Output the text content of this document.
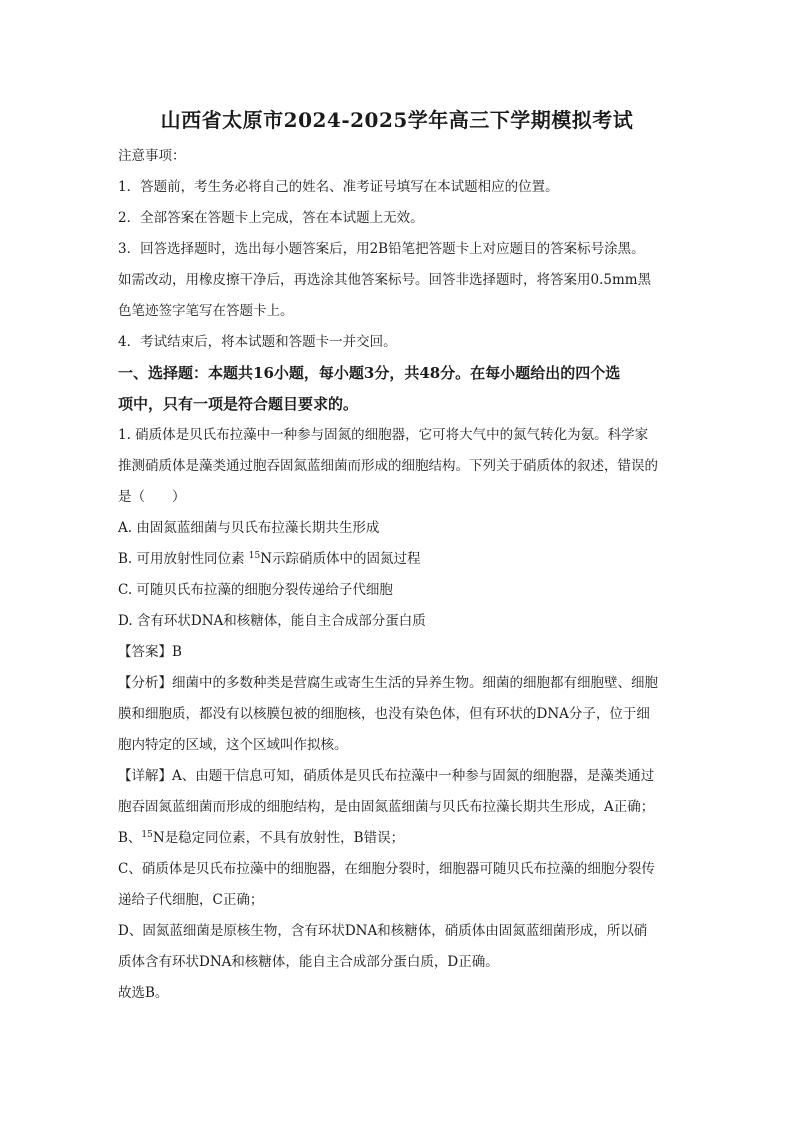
山西省太原市2024-2025学年高三下学期模拟考试
注意事项：
1．答题前，考生务必将自己的姓名、准考证号填写在本试题相应的位置。
2．全部答案在答题卡上完成，答在本试题上无效。
3．回答选择题时，选出每小题答案后，用2B铅笔把答题卡上对应题目的答案标号涂黑。
如需改动，用橡皮擦干净后，再选涂其他答案标号。回答非选择题时，将答案用0.5mm黑
色笔迹签字笔写在答题卡上。
4．考试结束后，将本试题和答题卡一并交回。
一、选择题：本题共16小题，每小题3分，共48分。在每小题给出的四个选
项中，只有一项是符合题目要求的。
1. 硝质体是贝氏布拉藻中一种参与固氮的细胞器，它可将大气中的氮气转化为氨。科学家
推测硝质体是藻类通过胞吞固氮蓝细菌而形成的细胞结构。下列关于硝质体的叙述，错误的
是（　　）
A. 由固氮蓝细菌与贝氏布拉藻长期共生形成
B. 可用放射性同位素 $^{15}$N示踪硝质体中的固氮过程
C. 可随贝氏布拉藻的细胞分裂传递给子代细胞
D. 含有环状DNA和核糖体，能自主合成部分蛋白质
【答案】B
【分析】细菌中的多数种类是营腐生或寄生生活的异养生物。细菌的细胞都有细胞壁、细胞
膜和细胞质，都没有以核膜包被的细胞核，也没有染色体，但有环状的DNA分子，位于细
胞内特定的区域，这个区域叫作拟核。
【详解】A、由题干信息可知，硝质体是贝氏布拉藻中一种参与固氮的细胞器，是藻类通过
胞吞固氮蓝细菌而形成的细胞结构，是由固氮蓝细菌与贝氏布拉藻长期共生形成，A正确；
B、$^{15}$N是稳定同位素，不具有放射性，B错误；
C、硝质体是贝氏布拉藻中的细胞器，在细胞分裂时，细胞器可随贝氏布拉藻的细胞分裂传
递给子代细胞，C正确；
D、固氮蓝细菌是原核生物，含有环状DNA和核糖体，硝质体由固氮蓝细菌形成，所以硝
质体含有环状DNA和核糖体，能自主合成部分蛋白质，D正确。
故选B。
